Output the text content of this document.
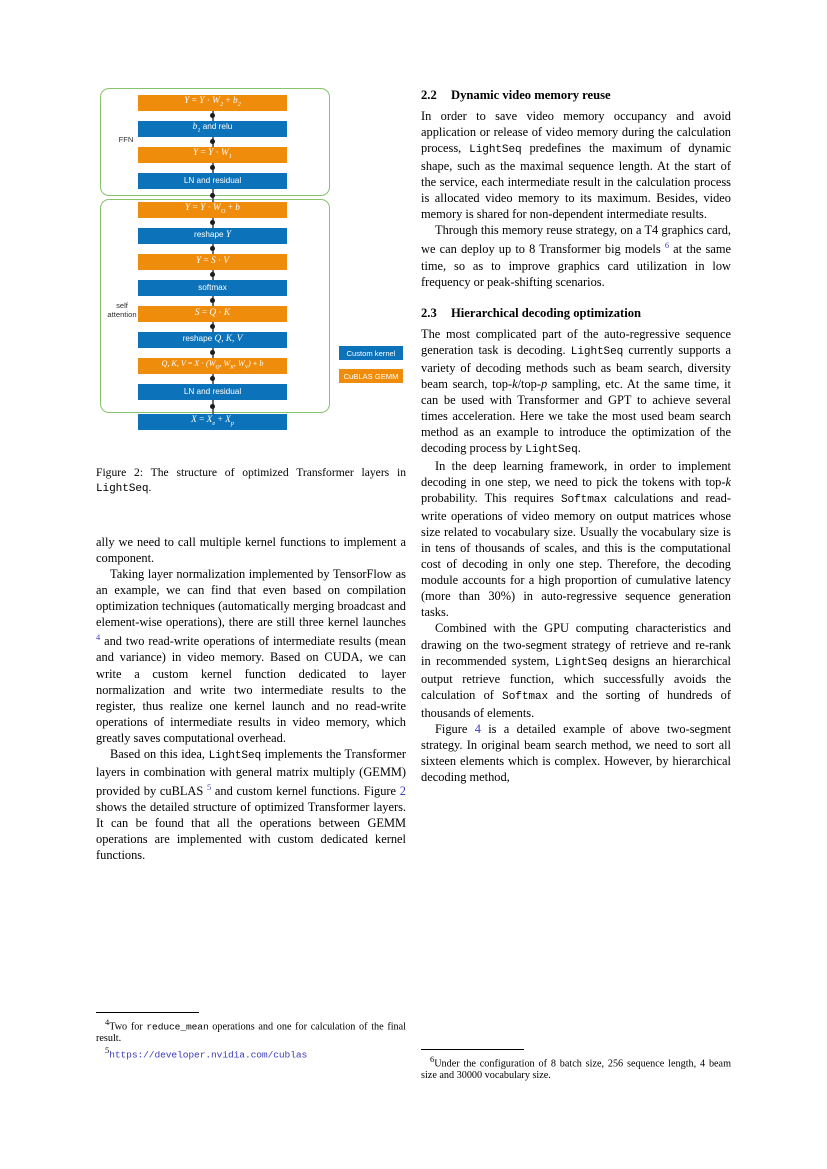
FFN
self
attention
$Y = Y \cdot W_2 + b_2$
$b_1$ and relu
$Y = Y \cdot W_1$
LN and residual
$Y = Y \cdot W_O + b$
reshape Y
Y = S · V
softmax
S = Q · K
reshape Q, K, V
Q, K, $V = X \cdot (W_Q$, $W_K$, $W_V) + b$
LN and residual
$X = X_e + X_p$
Custom kernel
CuBLAS GEMM
Figure 2: The structure of optimized Transformer layers in LightSeq.

ally we need to call multiple kernel functions to implement a component.

Taking layer normalization implemented by TensorFlow as an example, we can find that even based on compilation optimization techniques (automatically merging broadcast and element-wise operations), there are still three kernel launches $^4$ and two read-write operations of intermediate results (mean and variance) in video memory. Based on CUDA, we can write a custom kernel function dedicated to layer normalization and write two intermediate results to the register, thus realize one kernel launch and no read-write operations of intermediate results in video memory, which greatly saves computational overhead.

Based on this idea, LightSeq implements the Transformer layers in combination with general matrix multiply (GEMM) provided by cuBLAS $^5$ and custom kernel functions. Figure 2 shows the detailed structure of optimized Transformer layers. It can be found that all the operations between GEMM operations are implemented with custom dedicated kernel functions.

$^4$Two for reduce_mean operations and one for calculation of the final result.

$^5$https://developer.nvidia.com/cublas

2.2 Dynamic video memory reuse

In order to save video memory occupancy and avoid application or release of video memory during the calculation process, LightSeq predefines the maximum of dynamic shape, such as the maximal sequence length. At the start of the service, each intermediate result in the calculation process is allocated video memory to its maximum. Besides, video memory is shared for non-dependent intermediate results.

Through this memory reuse strategy, on a T4 graphics card, we can deploy up to 8 Transformer big models $^6$ at the same time, so as to improve graphics card utilization in low frequency or peak-shifting scenarios.

2.3 Hierarchical decoding optimization

The most complicated part of the auto-regressive sequence generation task is decoding. LightSeq currently supports a variety of decoding methods such as beam search, diversity beam search, top-k/top-p sampling, etc. At the same time, it can be used with Transformer and GPT to achieve several times acceleration. Here we take the most used beam search method as an example to introduce the optimization of the decoding process by LightSeq.

In the deep learning framework, in order to implement decoding in one step, we need to pick the tokens with top-k probability. This requires Softmax calculations and read-write operations of video memory on output matrices whose size related to vocabulary size. Usually the vocabulary size is in tens of thousands of scales, and this is the computational cost of decoding in only one step. Therefore, the decoding module accounts for a high proportion of cumulative latency (more than 30%) in auto-regressive sequence generation tasks.

Combined with the GPU computing characteristics and drawing on the two-segment strategy of retrieve and re-rank in recommended system, LightSeq designs an hierarchical output retrieve function, which successfully avoids the calculation of Softmax and the sorting of hundreds of thousands of elements.

Figure 4 is a detailed example of above two-segment strategy. In original beam search method, we need to sort all sixteen elements which is complex. However, by hierarchical decoding method,

$^6$Under the configuration of 8 batch size, 256 sequence length, 4 beam size and 30000 vocabulary size.
